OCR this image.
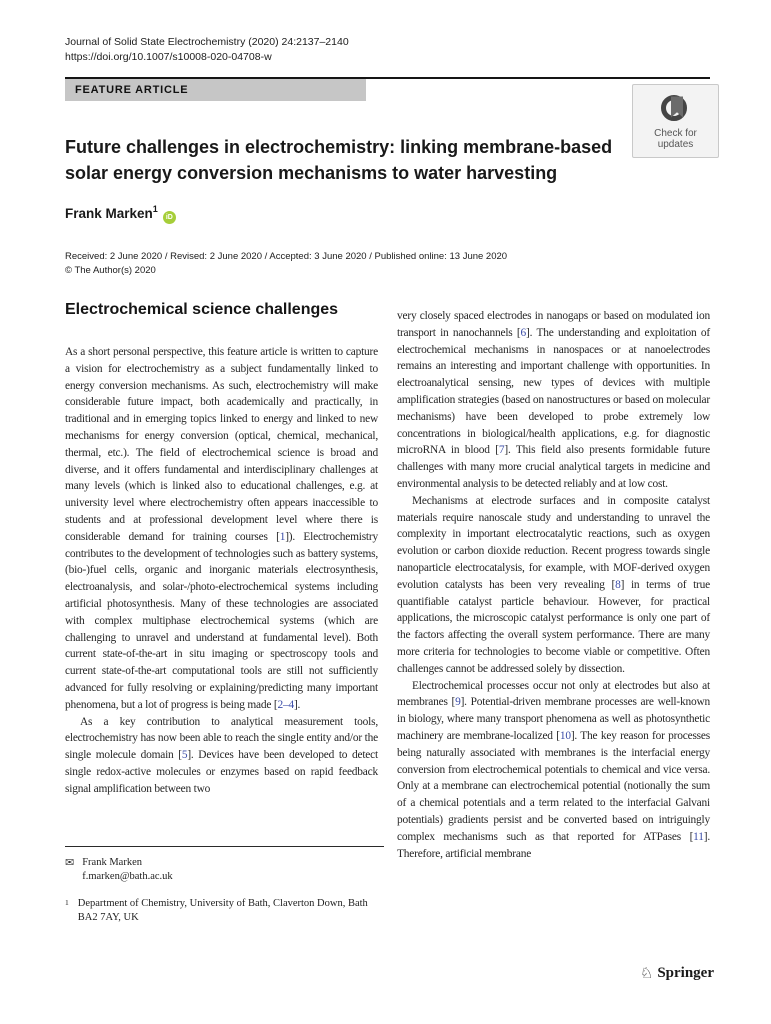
Journal of Solid State Electrochemistry (2020) 24:2137–2140
https://doi.org/10.1007/s10008-020-04708-w
FEATURE ARTICLE
Check for
updates
Future challenges in electrochemistry: linking membrane-based solar energy conversion mechanisms to water harvesting
Frank Marken$^1$iD
Received: 2 June 2020 / Revised: 2 June 2020 / Accepted: 3 June 2020 / Published online: 13 June 2020
© The Author(s) 2020
Electrochemical science challenges

As a short personal perspective, this feature article is written to capture a vision for electrochemistry as a subject fundamentally linked to energy conversion mechanisms. As such, electrochemistry will make considerable future impact, both academically and practically, in traditional and in emerging topics linked to energy and linked to new mechanisms for energy conversion (optical, chemical, mechanical, thermal, etc.). The field of electrochemical science is broad and diverse, and it offers fundamental and interdisciplinary challenges at many levels (which is linked also to educational challenges, e.g. at university level where electrochemistry often appears inaccessible to students and at professional development level where there is considerable demand for training courses [1]). Electrochemistry contributes to the development of technologies such as battery systems, (bio-)fuel cells, organic and inorganic materials electrosynthesis, electroanalysis, and solar-/photo-electrochemical systems including artificial photosynthesis. Many of these technologies are associated with complex multiphase electrochemical systems (which are challenging to unravel and understand at fundamental level). Both current state-of-the-art in situ imaging or spectroscopy tools and current state-of-the-art computational tools are still not sufficiently advanced for fully resolving or explaining/predicting many important phenomena, but a lot of progress is being made [2–4].

As a key contribution to analytical measurement tools, electrochemistry has now been able to reach the single entity and/or the single molecule domain [5]. Devices have been developed to detect single redox-active molecules or enzymes based on rapid feedback signal amplification between two

very closely spaced electrodes in nanogaps or based on modulated ion transport in nanochannels [6]. The understanding and exploitation of electrochemical mechanisms in nanospaces or at nanoelectrodes remains an interesting and important challenge with opportunities. In electroanalytical sensing, new types of devices with multiple amplification strategies (based on nanostructures or based on molecular mechanisms) have been developed to probe extremely low concentrations in biological/health applications, e.g. for diagnostic microRNA in blood [7]. This field also presents formidable future challenges with many more crucial analytical targets in medicine and environmental analysis to be detected reliably and at low cost.

Mechanisms at electrode surfaces and in composite catalyst materials require nanoscale study and understanding to unravel the complexity in important electrocatalytic reactions, such as oxygen evolution or carbon dioxide reduction. Recent progress towards single nanoparticle electrocatalysis, for example, with MOF-derived oxygen evolution catalysts has been very revealing [8] in terms of true quantifiable catalyst particle behaviour. However, for practical applications, the microscopic catalyst performance is only one part of the factors affecting the overall system performance. There are many more criteria for technologies to become viable or competitive. Often challenges cannot be addressed solely by dissection.

Electrochemical processes occur not only at electrodes but also at membranes [9]. Potential-driven membrane processes are well-known in biology, where many transport phenomena as well as photosynthetic machinery are membrane-localized [10]. The key reason for processes being naturally associated with membranes is the interfacial energy conversion from electrochemical potentials to chemical and vice versa. Only at a membrane can electrochemical potential (notionally the sum of a chemical potentials and a term related to the interfacial Galvani potentials) gradients persist and be converted based on intriguingly complex mechanisms such as that reported for ATPases [11]. Therefore, artificial membrane

✉ Frank Marken
f.marken@bath.ac.uk
1 Department of Chemistry, University of Bath, Claverton Down, Bath BA2 7AY, UK
♘ Springer
